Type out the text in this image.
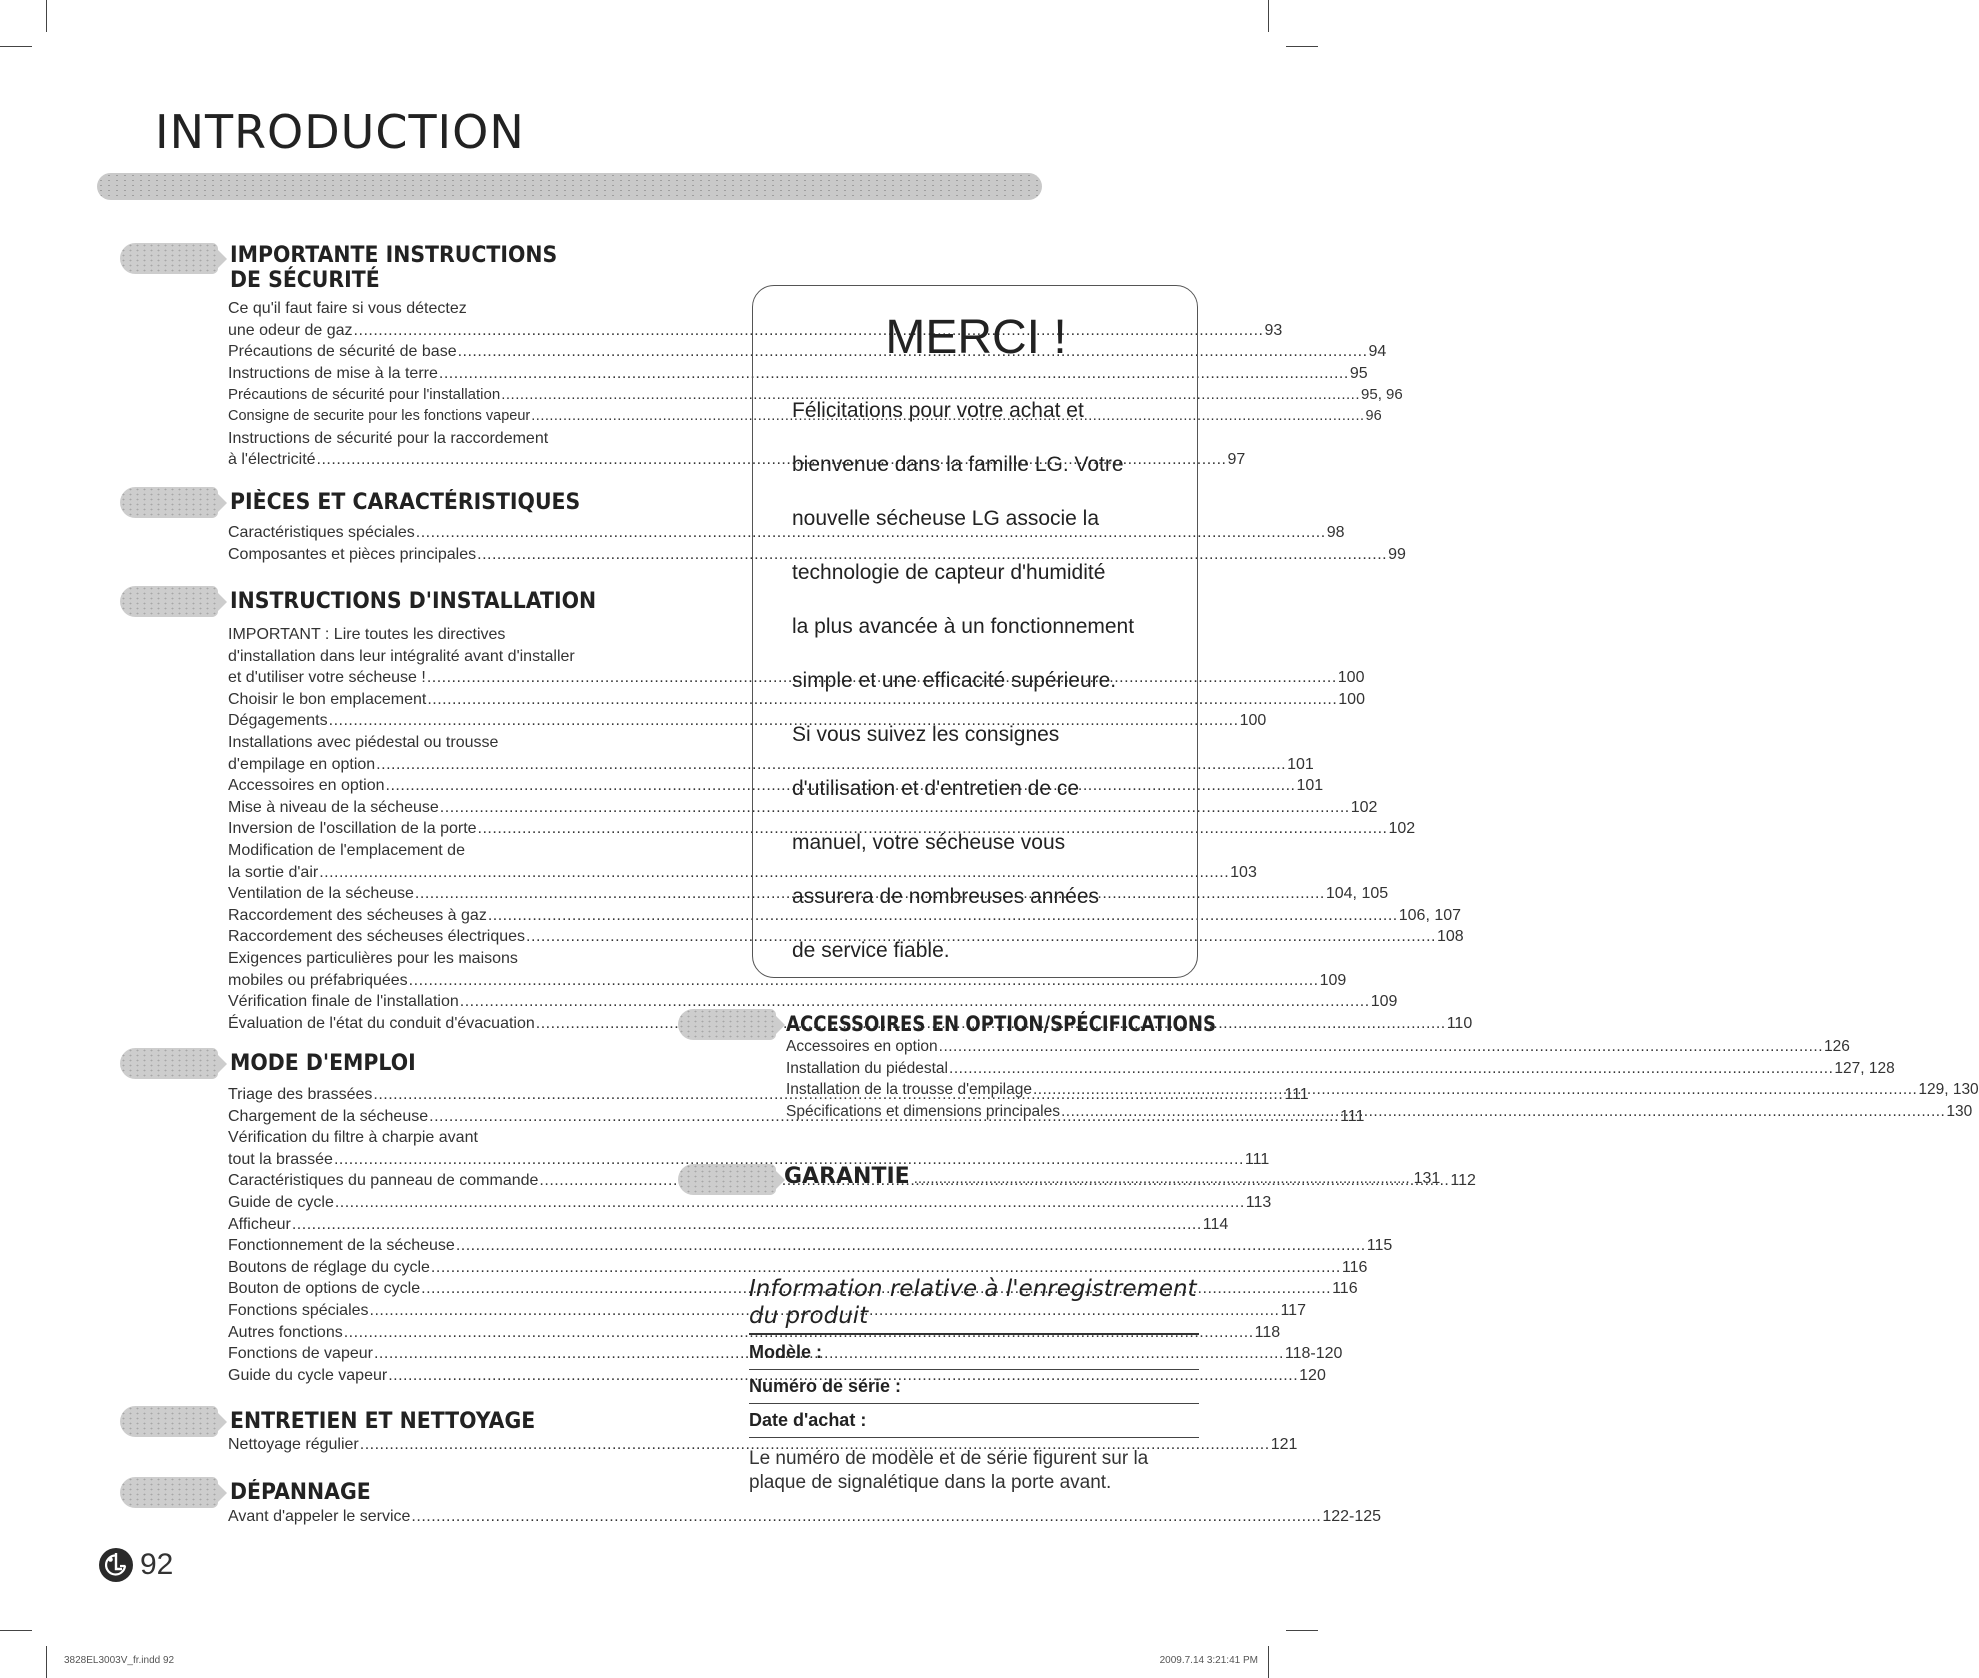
INTRODUCTION
IMPORTANTE INSTRUCTIONS
DE SÉCURITÉ
Ce qu'il faut faire si vous détectez
une odeur de gaz .....	93
Précautions de sécurité de base .....	94
Instructions de mise à la terre .....	95
Précautions de sécurité pour l'installation .....	95, 96
Consigne de securite pour les fonctions vapeur .....	96
Instructions de sécurité pour la raccordement
à l'électricité .....	97
PIÈCES ET CARACTÉRISTIQUES
Caractéristiques spéciales .....	98
Composantes et pièces principales .....	99
INSTRUCTIONS D'INSTALLATION
IMPORTANT : Lire toutes les directives
d'installation dans leur intégralité avant d'installer
et d'utiliser votre sécheuse ! .....	100
Choisir le bon emplacement .....	100
Dégagements .....	100
Installations avec piédestal ou trousse
d'empilage en option .....	101
Accessoires en option .....	101
Mise à niveau de la sécheuse .....	102
Inversion de l'oscillation de la porte .....	102
Modification de l'emplacement de
la sortie d'air .....	103
Ventilation de la sécheuse .....	104, 105
Raccordement des sécheuses à gaz .....	106, 107
Raccordement des sécheuses électriques .....	108
Exigences particulières pour les maisons
mobiles ou préfabriquées .....	109
Vérification finale de l'installation .....	109
Évaluation de l'état du conduit d'évacuation .....	110
MODE D'EMPLOI
Triage des brassées .....	111
Chargement de la sécheuse .....	111
Vérification du filtre à charpie avant
tout la brassée .....	111
Caractéristiques du panneau de commande .....	112
Guide de cycle .....	113
Afficheur .....	114
Fonctionnement de la sécheuse .....	115
Boutons de réglage du cycle .....	116
Bouton de options de cycle .....	116
Fonctions spéciales .....	117
Autres fonctions .....	118
Fonctions de vapeur .....	118-120
Guide du cycle vapeur .....	120
ENTRETIEN ET NETTOYAGE
Nettoyage régulier .....	121
DÉPANNAGE
Avant d'appeler le service .....	122-125
MERCI !
Félicitations pour votre achat et
bienvenue dans la famille LG. Votre
nouvelle sécheuse LG associe la
technologie de capteur d'humidité
la plus avancée à un fonctionnement
simple et une efficacité supérieure.
Si vous suivez les consignes
d'utilisation et d'entretien de ce
manuel, votre sécheuse vous
assurera de nombreuses années
de service fiable.
ACCESSOIRES EN OPTION/SPÉCIFICATIONS
Accessoires en option .....	126
Installation du piédestal .....	127, 128
Installation de la trousse d'empilage .....	129, 130
Spécifications et dimensions principales .....	130
GARANTIE ....................................................................................................................... 131
Information relative à l'enregistrement du produit
Modèle :
Numéro de série :
Date d'achat :

Le numéro de modèle et de série figurent sur la plaque de signalétique dans la porte avant.

92
3828EL3003V_fr.indd 92	2009.7.14 3:21:41 PM
